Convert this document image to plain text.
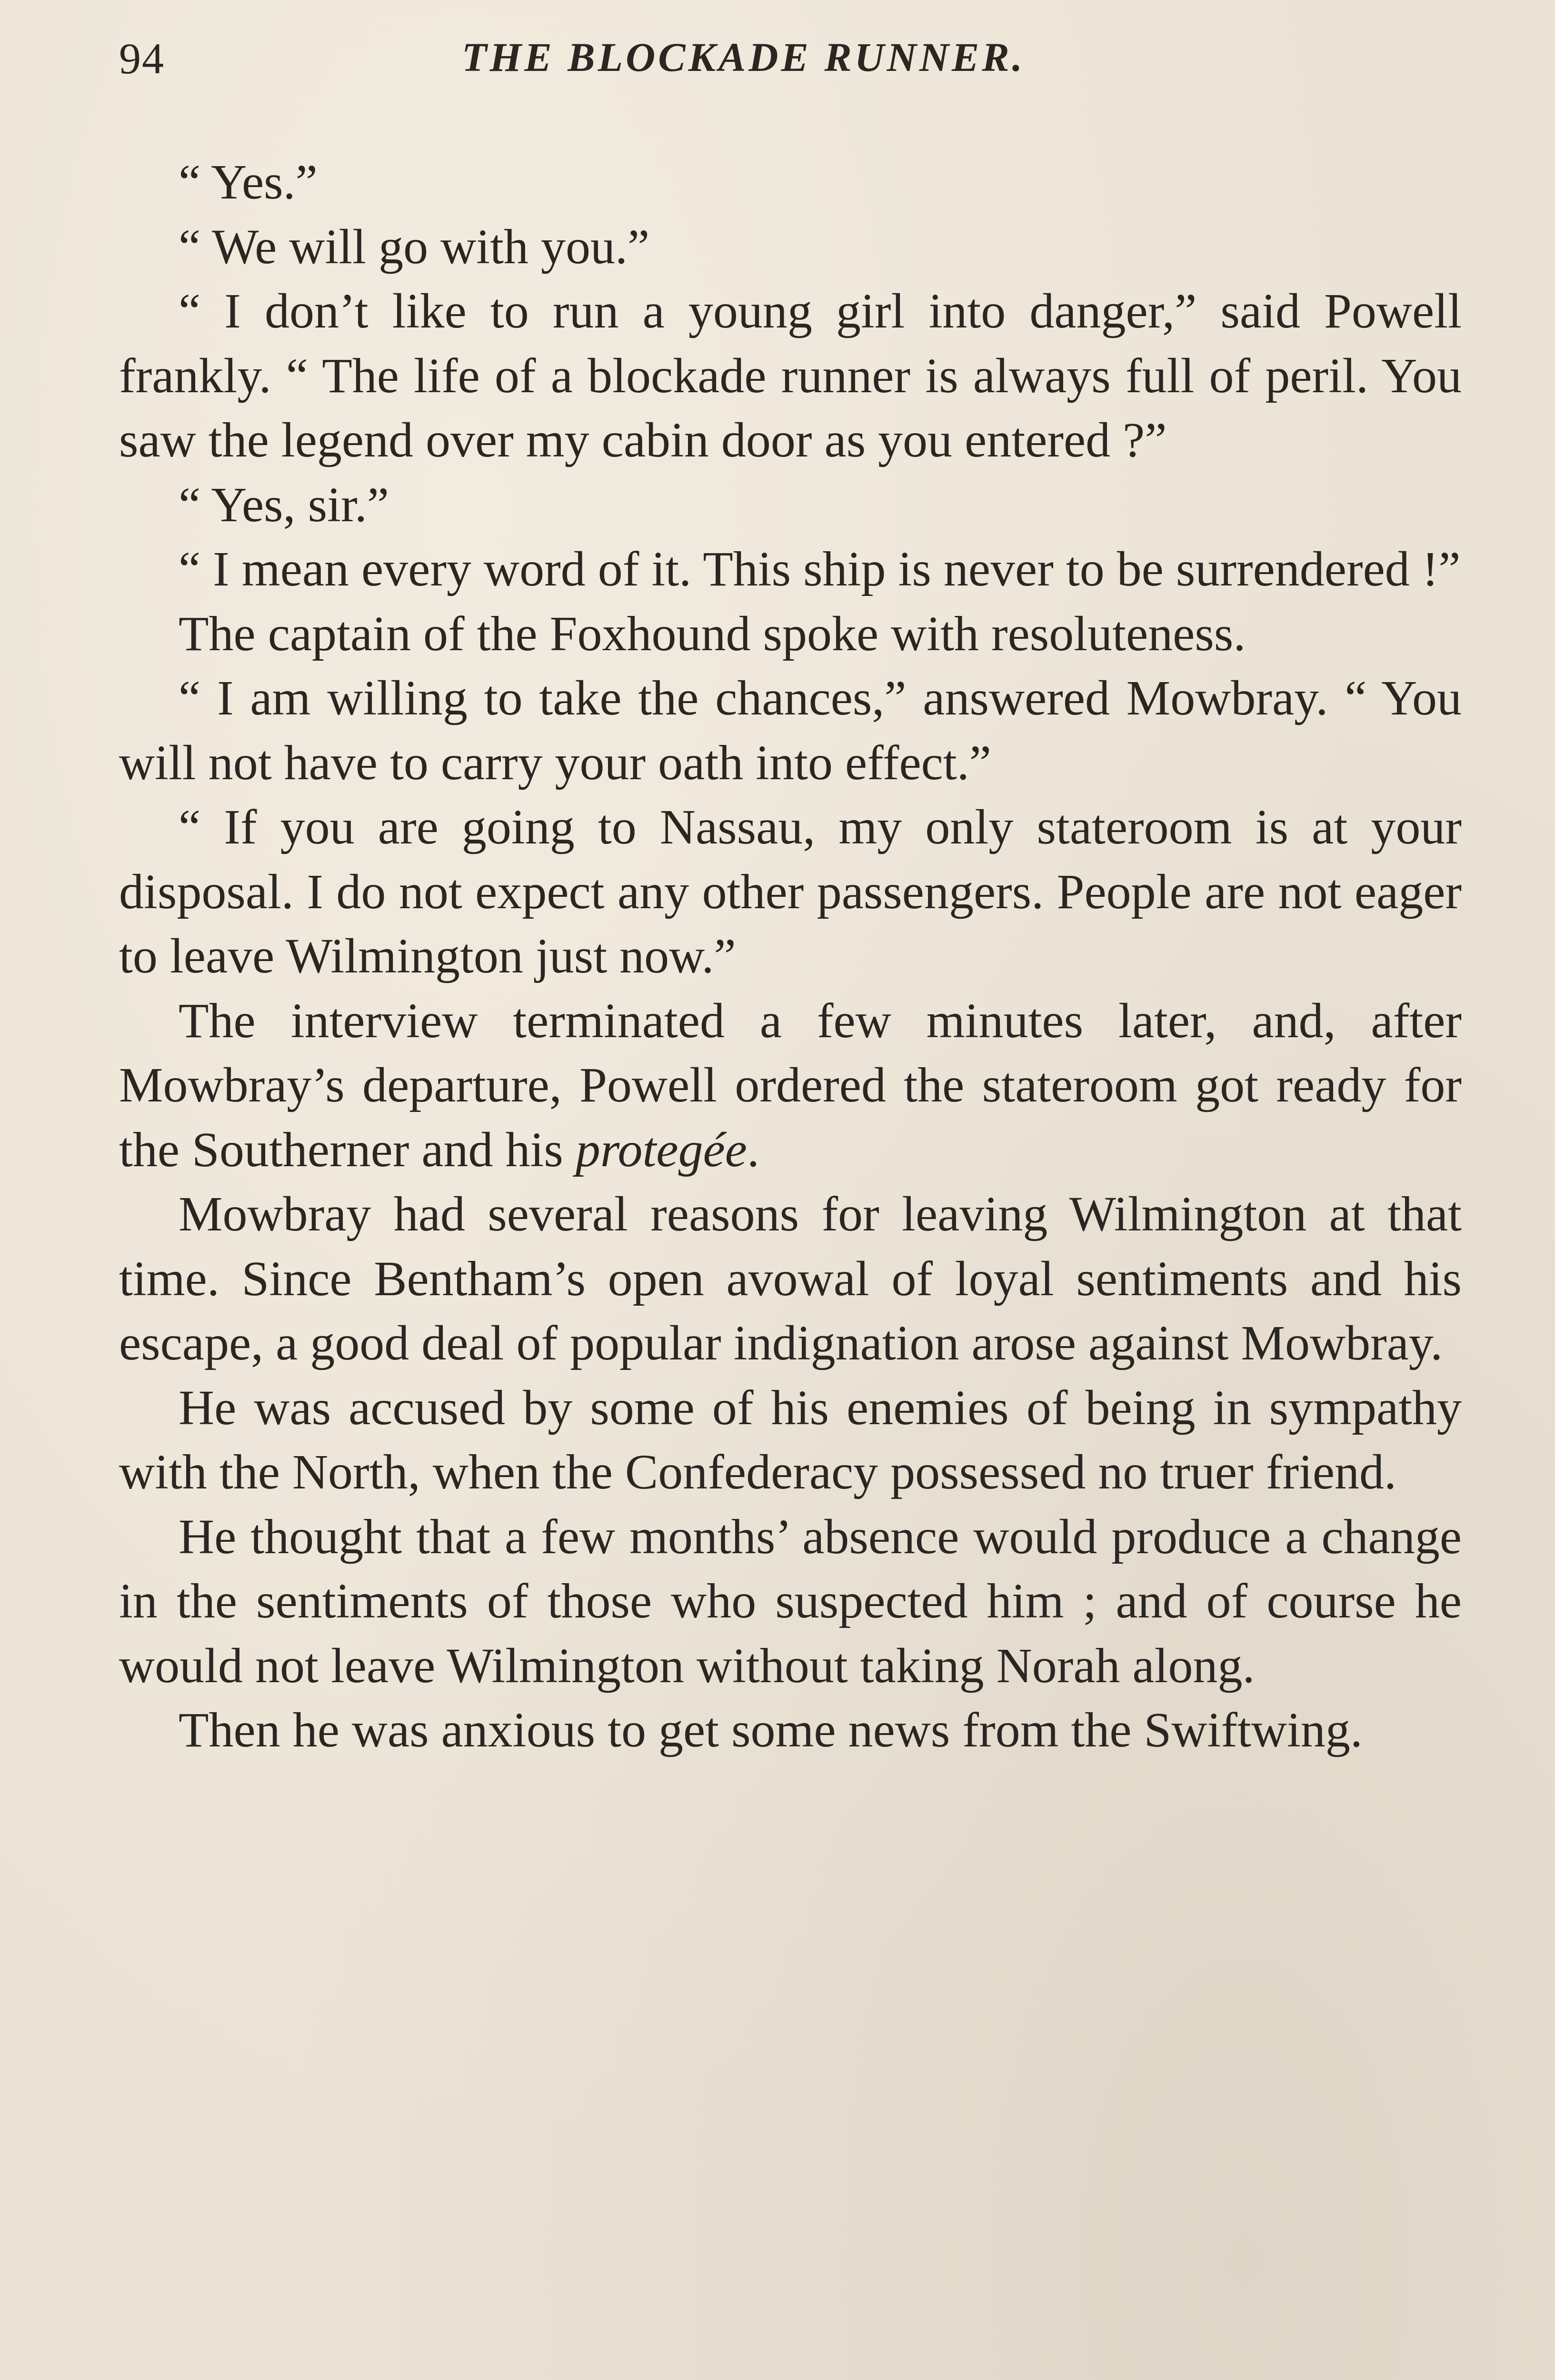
94	THE BLOCKADE RUNNER.

“ Yes.”

“ We will go with you.”

“ I don’t like to run a young girl into danger,” said Powell frankly. “ The life of a blockade runner is always full of peril. You saw the legend over my cabin door as you entered ?”

“ Yes, sir.”

“ I mean every word of it. This ship is never to be surrendered !”

The captain of the Foxhound spoke with resoluteness.

“ I am willing to take the chances,” answered Mowbray. “ You will not have to carry your oath into effect.”

“ If you are going to Nassau, my only stateroom is at your disposal. I do not expect any other passengers. People are not eager to leave Wilmington just now.”

The interview terminated a few minutes later, and, after Mowbray’s departure, Powell ordered the stateroom got ready for the Southerner and his protegée.

Mowbray had several reasons for leaving Wilmington at that time. Since Bentham’s open avowal of loyal sentiments and his escape, a good deal of popular indignation arose against Mowbray.

He was accused by some of his enemies of being in sympathy with the North, when the Confederacy possessed no truer friend.

He thought that a few months’ absence would produce a change in the sentiments of those who suspected him ; and of course he would not leave Wilmington without taking Norah along.

Then he was anxious to get some news from the Swiftwing.
